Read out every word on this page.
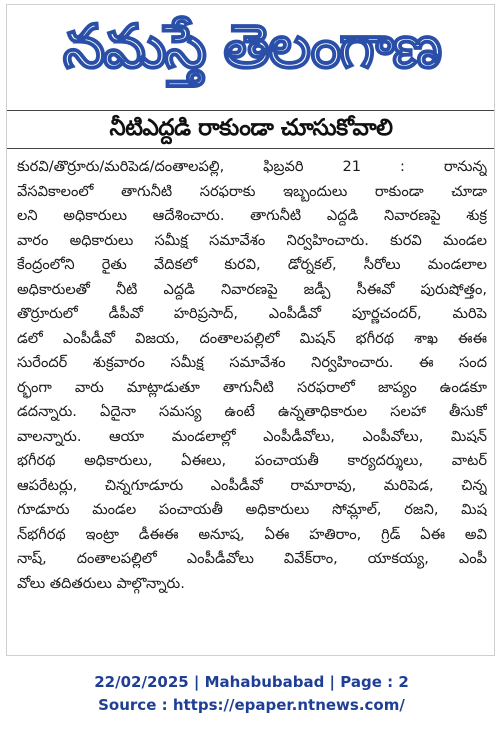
నమస్తే తెలంగాణ
నీటిఎద్దడి రాకుండా చూసుకోవాలి
కురవి/తొర్రూరు/మరిపెడ/దంతాలపల్లి, ఫిబ్రవరి 21 : రానున్న
వేసవికాలంలో తాగునీటి సరఫరాకు ఇబ్బందులు రాకుండా చూడా
లని అధికారులు ఆదేశించారు. తాగునీటి ఎద్దడి నివారణపై శుక్ర
వారం అధికారులు సమీక్ష సమావేశం నిర్వహించారు. కురవి మండల
కేంద్రంలోని రైతు వేదికలో కురవి, డోర్నకల్, సీరోలు మండలాల
అధికారులతో నీటి ఎద్దడి నివారణపై జడ్పీ సీఈవో పురుషోత్తం,
తొర్రూరులో డీపీవో హరిప్రసాద్, ఎంపీడీవో పూర్ణచందర్, మరిపె
డలో ఎంపీడీవో విజయ, దంతాలపల్లిలో మిషన్ భగీరథ శాఖ ఈఈ
సురేందర్ శుక్రవారం సమీక్ష సమావేశం నిర్వహించారు. ఈ సంద
ర్భంగా వారు మాట్లాడుతూ తాగునీటి సరఫరాలో జాప్యం ఉండకూ
డదన్నారు. ఏదైనా సమస్య ఉంటే ఉన్నతాధికారుల సలహా తీసుకో
వాలన్నారు. ఆయా మండలాల్లో ఎంపీడీవోలు, ఎంపీవోలు, మిషన్
భగీరథ అధికారులు, ఏఈలు, పంచాయతీ కార్యదర్శులు, వాటర్
ఆపరేటర్లు, చిన్నగూడూరు ఎంపీడీవో రామారావు, మరిపెడ, చిన్న
గూడూరు మండల పంచాయతీ అధికారులు సోమ్లాల్, రజని, మిష
న్‌భగీరథ ఇంట్రా డీఈఈ అనూష, ఏఈ హతిరాం, గ్రిడ్ ఏఈ అవి
నాష్, దంతాలపల్లిలో ఎంపీడీవోలు వివేక్‌రాం, యాకయ్య, ఎంపీ
వోలు తదితరులు పాల్గొన్నారు.
22/02/2025 | Mahabubabad | Page : 2
Source : https://epaper.ntnews.com/
